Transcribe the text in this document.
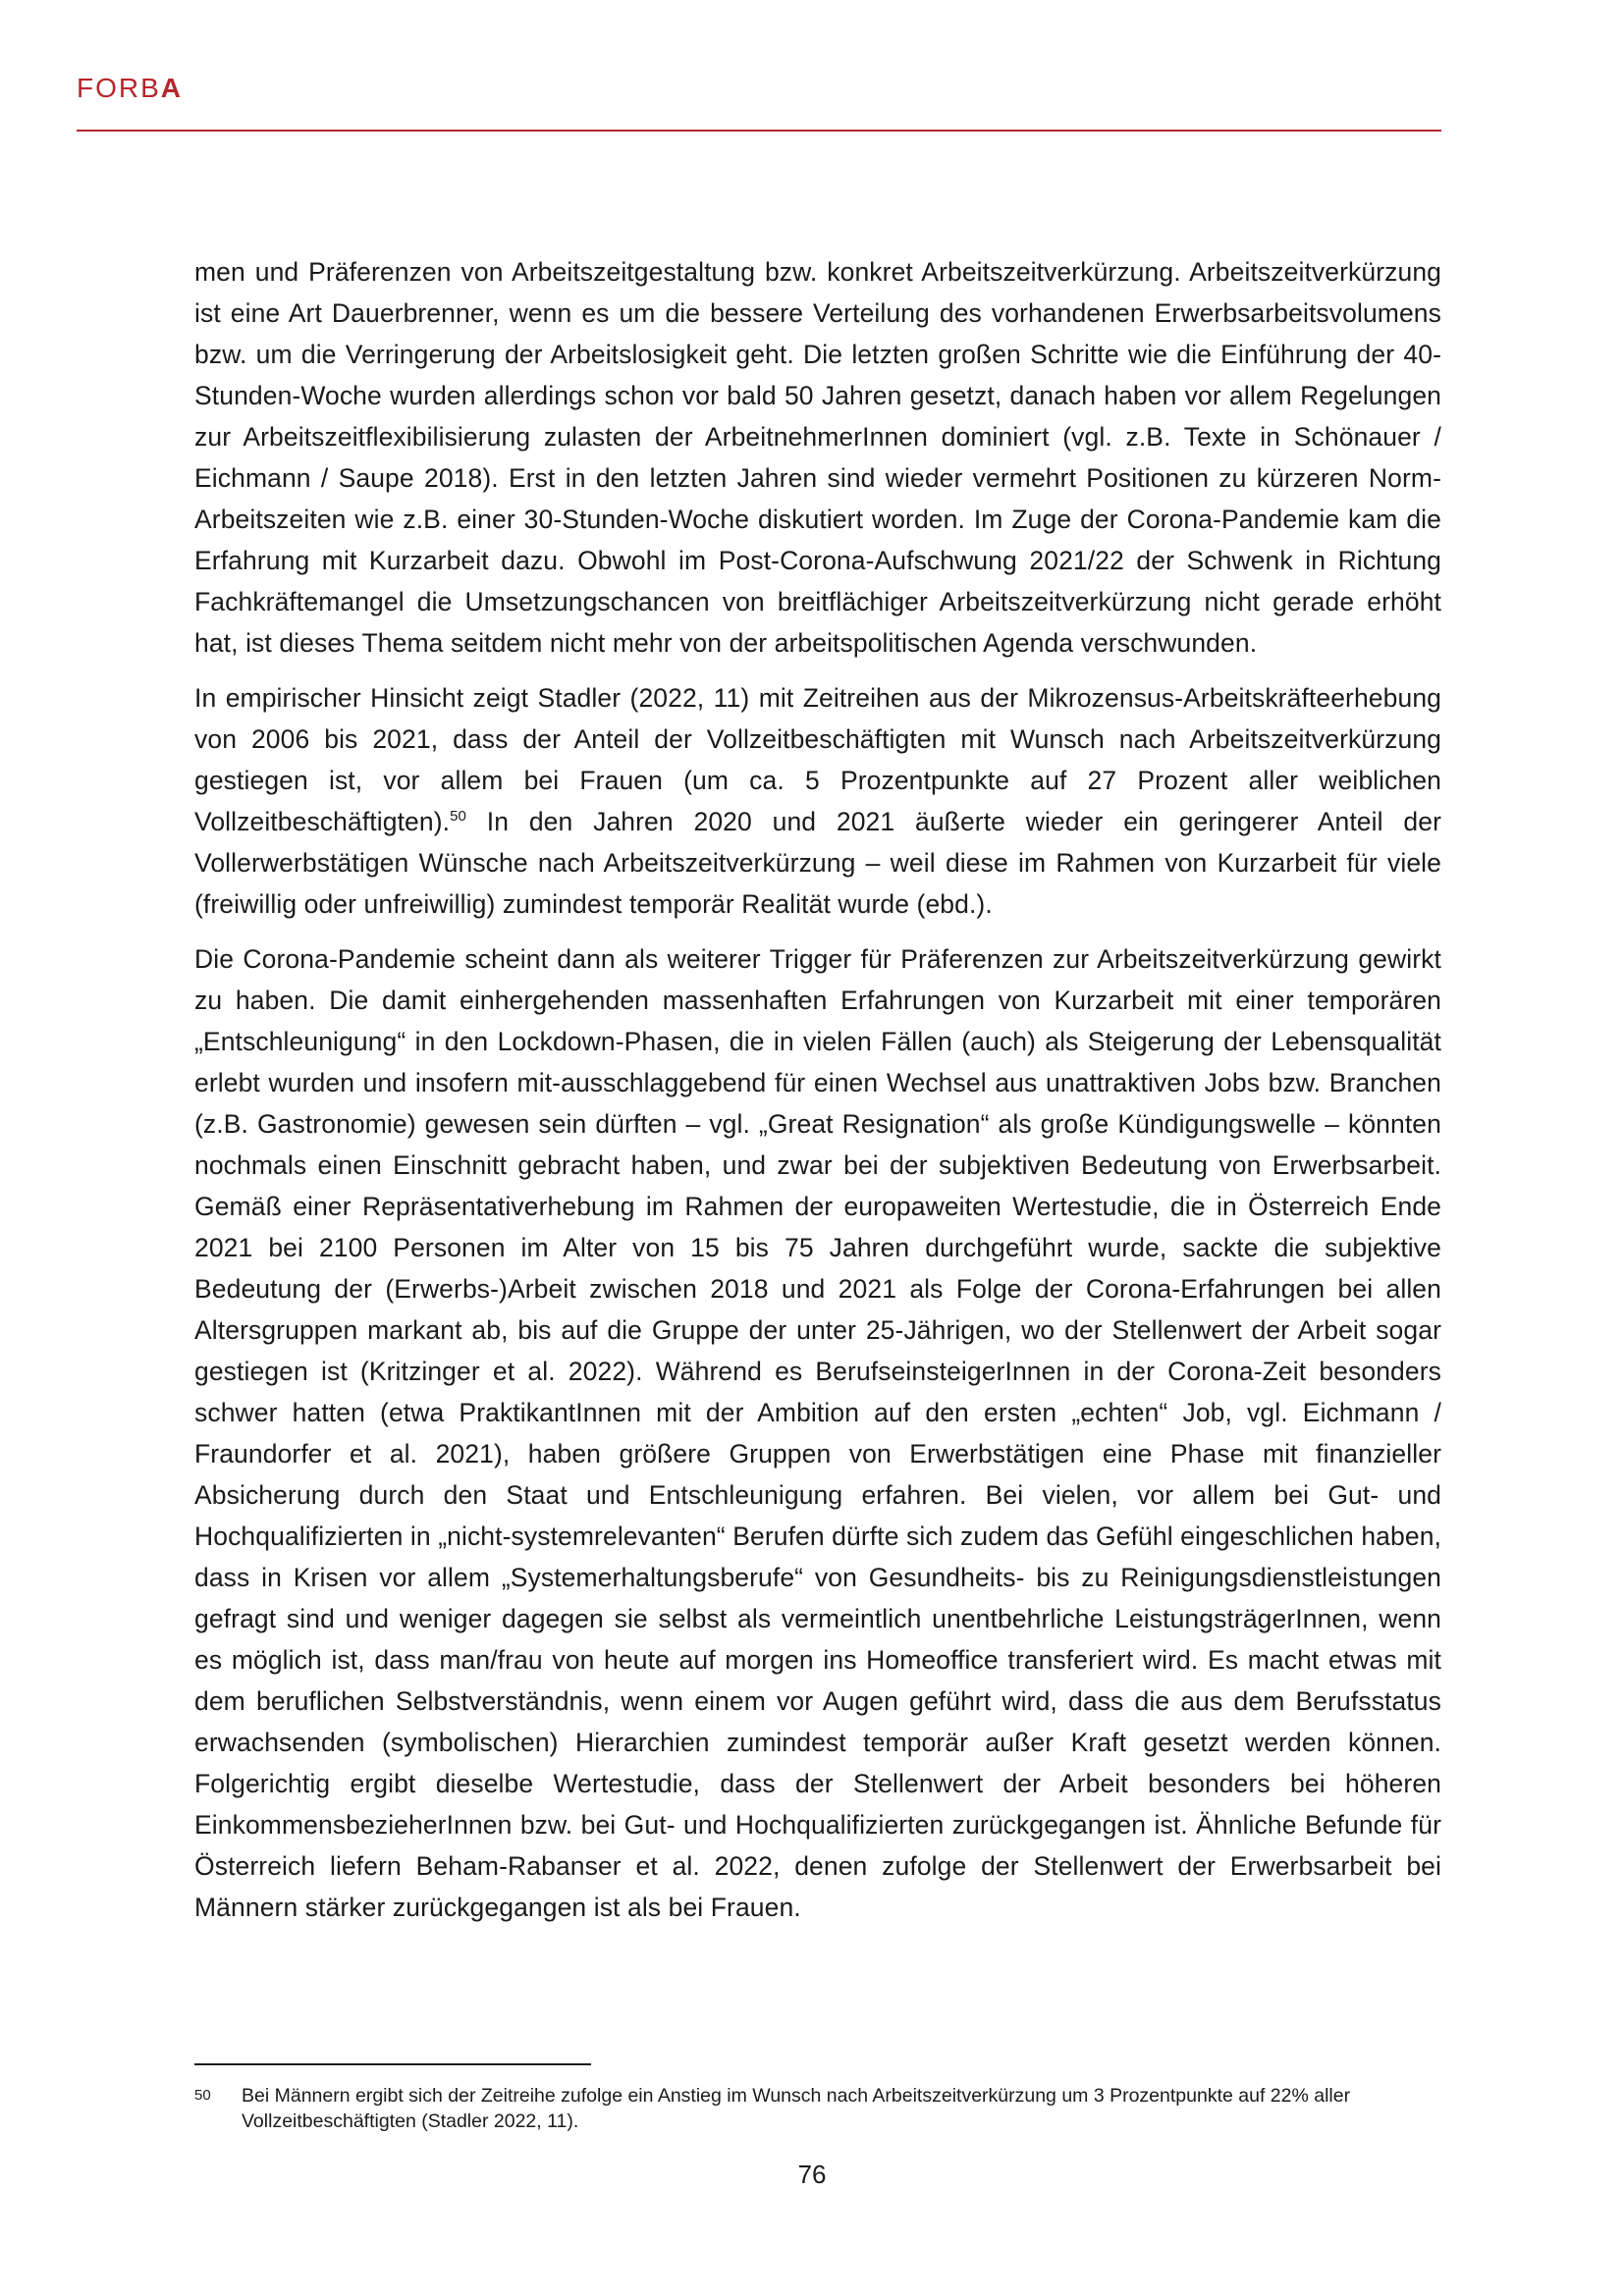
FORBA

men und Präferenzen von Arbeitszeitgestaltung bzw. konkret Arbeitszeitverkürzung. Arbeitszeitverkürzung ist eine Art Dauerbrenner, wenn es um die bessere Verteilung des vorhandenen Erwerbsarbeitsvolumens bzw. um die Verringerung der Arbeitslosigkeit geht. Die letzten großen Schritte wie die Einführung der 40-Stunden-Woche wurden allerdings schon vor bald 50 Jahren gesetzt, danach haben vor allem Regelungen zur Arbeitszeitflexibilisierung zulasten der ArbeitnehmerInnen dominiert (vgl. z.B. Texte in Schönauer / Eichmann / Saupe 2018). Erst in den letzten Jahren sind wieder vermehrt Positionen zu kürzeren Norm-Arbeitszeiten wie z.B. einer 30-Stunden-Woche diskutiert worden. Im Zuge der Corona-Pandemie kam die Erfahrung mit Kurzarbeit dazu. Obwohl im Post-Corona-Aufschwung 2021/22 der Schwenk in Richtung Fachkräftemangel die Umsetzungschancen von breitflächiger Arbeitszeitverkürzung nicht gerade erhöht hat, ist dieses Thema seitdem nicht mehr von der arbeitspolitischen Agenda verschwunden.

In empirischer Hinsicht zeigt Stadler (2022, 11) mit Zeitreihen aus der Mikrozensus-Arbeitskräfteerhebung von 2006 bis 2021, dass der Anteil der Vollzeitbeschäftigten mit Wunsch nach Arbeitszeitverkürzung gestiegen ist, vor allem bei Frauen (um ca. 5 Prozentpunkte auf 27 Prozent aller weiblichen Vollzeitbeschäftigten).$^{50}$ In den Jahren 2020 und 2021 äußerte wieder ein geringerer Anteil der Vollerwerbstätigen Wünsche nach Arbeitszeitverkürzung – weil diese im Rahmen von Kurzarbeit für viele (freiwillig oder unfreiwillig) zumindest temporär Realität wurde (ebd.).

Die Corona-Pandemie scheint dann als weiterer Trigger für Präferenzen zur Arbeitszeitverkürzung gewirkt zu haben. Die damit einhergehenden massenhaften Erfahrungen von Kurzarbeit mit einer temporären „Entschleunigung“ in den Lockdown-Phasen, die in vielen Fällen (auch) als Steigerung der Lebensqualität erlebt wurden und insofern mit-ausschlaggebend für einen Wechsel aus unattraktiven Jobs bzw. Branchen (z.B. Gastronomie) gewesen sein dürften – vgl. „Great Resignation“ als große Kündigungswelle – könnten nochmals einen Einschnitt gebracht haben, und zwar bei der subjektiven Bedeutung von Erwerbsarbeit. Gemäß einer Repräsentativerhebung im Rahmen der europaweiten Wertestudie, die in Österreich Ende 2021 bei 2100 Personen im Alter von 15 bis 75 Jahren durchgeführt wurde, sackte die subjektive Bedeutung der (Erwerbs-)Arbeit zwischen 2018 und 2021 als Folge der Corona-Erfahrungen bei allen Altersgruppen markant ab, bis auf die Gruppe der unter 25-Jährigen, wo der Stellenwert der Arbeit sogar gestiegen ist (Kritzinger et al. 2022). Während es BerufseinsteigerInnen in der Corona-Zeit besonders schwer hatten (etwa PraktikantInnen mit der Ambition auf den ersten „echten“ Job, vgl. Eichmann / Fraundorfer et al. 2021), haben größere Gruppen von Erwerbstätigen eine Phase mit finanzieller Absicherung durch den Staat und Entschleunigung erfahren. Bei vielen, vor allem bei Gut- und Hochqualifizierten in „nicht-systemrelevanten“ Berufen dürfte sich zudem das Gefühl eingeschlichen haben, dass in Krisen vor allem „Systemerhaltungsberufe“ von Gesundheits- bis zu Reinigungsdienstleistungen gefragt sind und weniger dagegen sie selbst als vermeintlich unentbehrliche LeistungsträgerInnen, wenn es möglich ist, dass man/frau von heute auf morgen ins Homeoffice transferiert wird. Es macht etwas mit dem beruflichen Selbstverständnis, wenn einem vor Augen geführt wird, dass die aus dem Berufsstatus erwachsenden (symbolischen) Hierarchien zumindest temporär außer Kraft gesetzt werden können. Folgerichtig ergibt dieselbe Wertestudie, dass der Stellenwert der Arbeit besonders bei höheren EinkommensbezieherInnen bzw. bei Gut- und Hochqualifizierten zurückgegangen ist. Ähnliche Befunde für Österreich liefern Beham-Rabanser et al. 2022, denen zufolge der Stellenwert der Erwerbsarbeit bei Männern stärker zurückgegangen ist als bei Frauen.

50 Bei Männern ergibt sich der Zeitreihe zufolge ein Anstieg im Wunsch nach Arbeitszeitverkürzung um 3 Prozentpunkte auf 22% aller Vollzeitbeschäftigten (Stadler 2022, 11).
76
